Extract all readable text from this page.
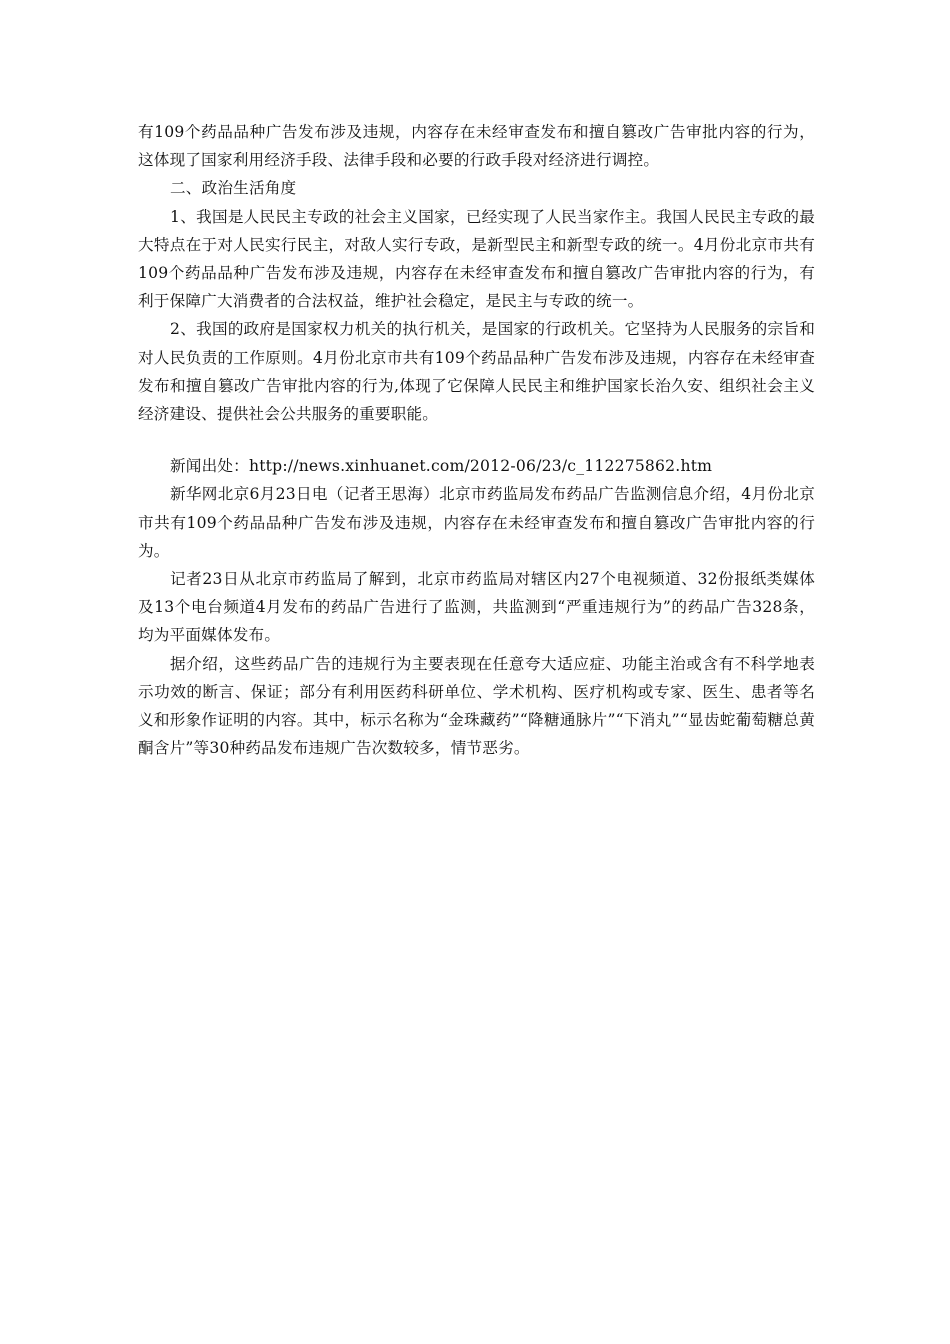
有109个药品品种广告发布涉及违规，内容存在未经审查发布和擅自篡改广告审批内容的行为，这体现了国家利用经济手段、法律手段和必要的行政手段对经济进行调控。

二、政治生活角度

1、我国是人民民主专政的社会主义国家，已经实现了人民当家作主。我国人民民主专政的最大特点在于对人民实行民主，对敌人实行专政，是新型民主和新型专政的统一。4月份北京市共有109个药品品种广告发布涉及违规，内容存在未经审查发布和擅自篡改广告审批内容的行为，有利于保障广大消费者的合法权益，维护社会稳定，是民主与专政的统一。

2、我国的政府是国家权力机关的执行机关，是国家的行政机关。它坚持为人民服务的宗旨和对人民负责的工作原则。4月份北京市共有109个药品品种广告发布涉及违规，内容存在未经审查发布和擅自篡改广告审批内容的行为,体现了它保障人民民主和维护国家长治久安、组织社会主义经济建设、提供社会公共服务的重要职能。

新闻出处：http://news.xinhuanet.com/2012-06/23/c_112275862.htm

新华网北京6月23日电（记者王思海）北京市药监局发布药品广告监测信息介绍，4月份北京市共有109个药品品种广告发布涉及违规，内容存在未经审查发布和擅自篡改广告审批内容的行为。

记者23日从北京市药监局了解到，北京市药监局对辖区内27个电视频道、32份报纸类媒体及13个电台频道4月发布的药品广告进行了监测，共监测到“严重违规行为”的药品广告328条，均为平面媒体发布。

据介绍，这些药品广告的违规行为主要表现在任意夸大适应症、功能主治或含有不科学地表示功效的断言、保证；部分有利用医药科研单位、学术机构、医疗机构或专家、医生、患者等名义和形象作证明的内容。其中，标示名称为“金珠藏药”“降糖通脉片”“下消丸”“显齿蛇葡萄糖总黄酮含片”等30种药品发布违规广告次数较多，情节恶劣。
